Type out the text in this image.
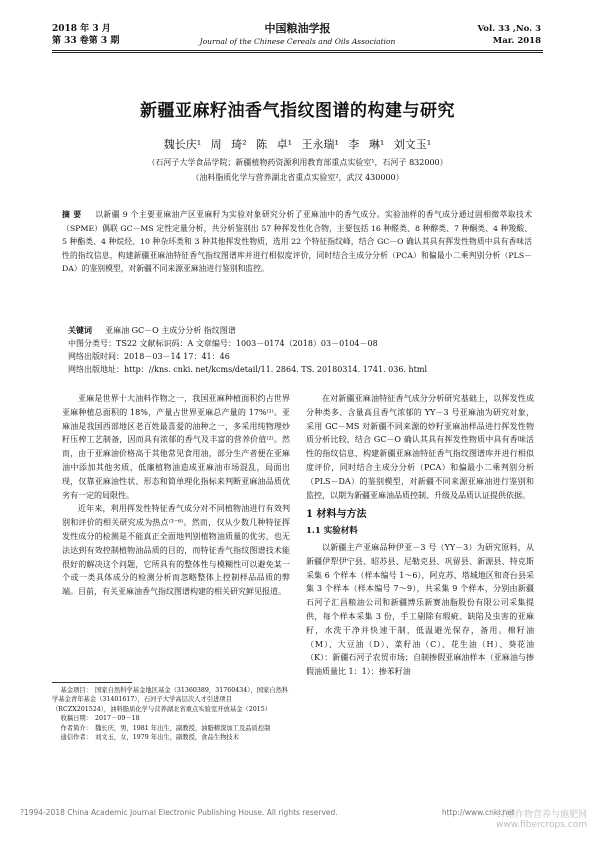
2018 年 3 月
第 33 卷第 3 期
中国粮油学报
Journal of the Chinese Cereals and Oils Association
Vol. 33 ,No. 3
Mar. 2018
新疆亚麻籽油香气指纹图谱的构建与研究
魏长庆¹ 周 琦² 陈 卓¹ 王永瑞¹ 李 琳¹ 刘文玉¹
（石河子大学食品学院；新疆植物药资源利用教育部重点实验室¹，石河子 832000）
（油料脂质化学与营养湖北省重点实验室²，武汉 430000）
摘 要 以新疆 9 个主要亚麻油产区亚麻籽为实验对象研究分析了亚麻油中的香气成分。实验油样的香气成分通过固相微萃取技术（SPME）偶联 GC－MS 定性定量分析，共分析鉴别出 57 种挥发性化合物，主要包括 16 种醛类、8 种醇类、7 种酮类、4 种羧酸、5 种酯类、4 种烷烃、10 种杂环类和 3 种其他挥发性物质，选用 22 个特征指纹峰，结合 GC－O 确认其具有挥发性物质中具有香味活性的指纹信息，构建新疆亚麻油特征香气指纹图谱库并进行相似度评价，同时结合主成分分析（PCA）和偏最小二乘判别分析（PLS－DA）的鉴别模型，对新疆不同来源亚麻油进行鉴别和监控。
关键词 亚麻油 GC－O 主成分分析 指纹图谱
中图分类号：TS22 文献标识码：A 文章编号：1003－0174（2018）03－0104－08
网络出版时间：2018－03－14 17：41：46
网络出版地址：http：//kns. cnki. net/kcms/detail/11. 2864. TS. 20180314. 1741. 036. html

亚麻是世界十大油料作物之一，我国亚麻种植面积约占世界亚麻种植总面积的 18%，产量占世界亚麻总产量的 17%⁽¹⁾。亚麻油是我国西部地区老百姓最喜爱的油种之一，多采用纯物理炒籽压榨工艺制备，因而具有浓郁的香气及丰富的营养价值⁽²⁾。然而，由于亚麻油价格高于其他常见食用油，部分生产者便在亚麻油中添加其他劣质、低廉植物油造成亚麻油市场混乱，局面出现，仅靠亚麻油性状、形态和简单理化指标来判断亚麻油品质优劣有一定的局限性。

近年来，利用挥发性特征香气成分对不同植物油进行有效判别和评价的相关研究成为热点⁽³⁻⁶⁾。然而，仅从少数几种特征挥发性成分的检测是不能真正全面地判别植物油质量的优劣，也无法达到有效控制植物油品质的目的，而特征香气指纹图谱技术能很好的解决这个问题，它所具有的整体性与模糊性可以避免某一个或一类具体成分的检测分析而忽略整体上控制样品品质的弊端。目前，有关亚麻油香气指纹图谱构建的相关研究鲜见报道。

基金项目： 国家自然科学基金地区基金（31360389，31760434），国家自然科学基金青年基金（31401617），石河子大学高层次人才引进项目（RCZX201524），油料脂质化学与营养湖北省重点实验室开放基金（2015）
收稿日期： 2017－09－18
作者简介： 魏长庆，男，1981 年出生，副教授，油脂精深加工及品质控制
通信作者： 刘文玉，女，1979 年出生，副教授，食品生物技术

在对新疆亚麻油特征香气成分分析研究基础上，以挥发性成分种类多、含量高且香气浓郁的 YY－3 号亚麻油为研究对象，采用 GC－MS 对新疆不同来源的炒籽亚麻油样品进行挥发性物质分析比较，结合 GC－O 确认其具有挥发性物质中具有香味活性的指纹信息，构建新疆亚麻油特征香气指纹图谱库并进行相似度评价，同时结合主成分分析（PCA）和偏最小二乘判别分析（PLS－DA）的鉴别模型，对新疆不同来源亚麻油进行鉴别和监控，以期为新疆亚麻油品质控制、升级及品质认证提供依据。

1 材料与方法

1.1 实验材料

以新疆主产亚麻品种伊亚－3 号（YY－3）为研究原料，从新疆伊犁伊宁县、昭苏县、尼勒克县、巩留县、新源县、特克斯采集 6 个样本（样本编号 1～6），阿克苏、塔城地区和奇台县采集 3 个样本（样本编号 7～9），共采集 9 个样本，分别由新疆石河子汇昌粮油公司和新疆博乐新赛油脂股份有限公司采集提供，每个样本采集 3 份，手工剔除有瑕疵、缺陷及虫害的亚麻籽，水洗干净并快速干制，低温避光保存，备用。棉籽油（M）、大豆油（D）、菜籽油（C）、花生油（H）、葵花油（K）：新疆石河子农贸市场；自制掺假亚麻油样本（亚麻油与掺假油质量比 1：1）：掺苯籽油

?1994-2018 China Academic Journal Electronic Publishing House. All rights reserved.	http://www.cnki.net
纤维作物营养与施肥网
www.fibercrops.com
